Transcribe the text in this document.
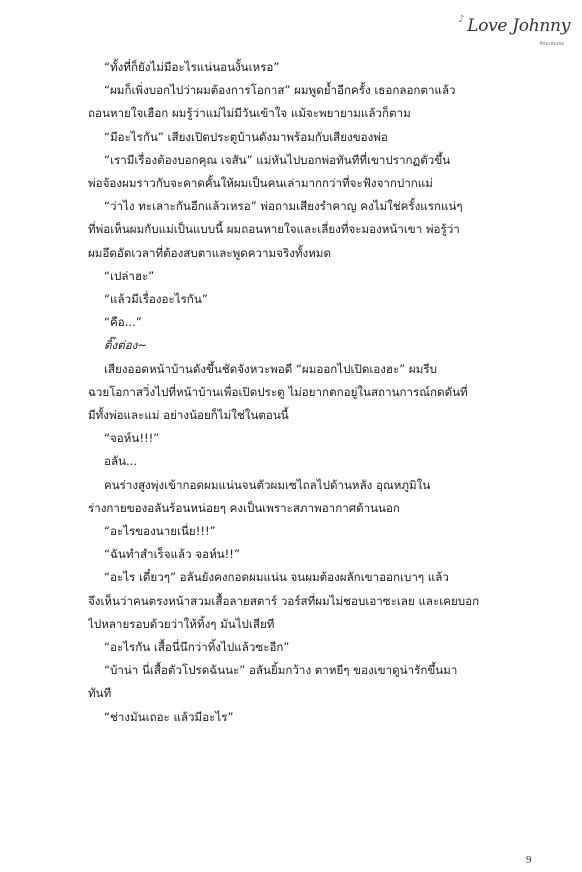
♪ Love Johnny
พี่น้องพ้องพล

“ทั้งที่ก็ยังไม่มีอะไรแน่นอนงั้นเหรอ”

“ผมก็เพิ่งบอกไปว่าผมต้องการโอกาส” ผมพูดย้ำอีกครั้ง เธอกลอกตาแล้ว
ถอนหายใจเฮือก ผมรู้ว่าแม่ไม่มีวันเข้าใจ แม้จะพยายามแล้วก็ตาม

“มีอะไรกัน” เสียงเปิดประตูบ้านดังมาพร้อมกับเสียงของพ่อ

“เรามีเรื่องต้องบอกคุณ เจสัน” แม่หันไปบอกพ่อทันทีที่เขาปรากฏตัวขึ้น
พ่อจ้องผมราวกับจะคาดคั้นให้ผมเป็นคนเล่ามากกว่าที่จะฟังจากปากแม่

“ว่าไง ทะเลาะกันอีกแล้วเหรอ” พ่อถามเสียงรำคาญ คงไม่ใช่ครั้งแรกแน่ๆ
ที่พ่อเห็นผมกับแม่เป็นแบบนี้ ผมถอนหายใจและเลี่ยงที่จะมองหน้าเขา พ่อรู้ว่า
ผมอึดอัดเวลาที่ต้องสบตาและพูดความจริงทั้งหมด

“เปล่าฮะ”

“แล้วมีเรื่องอะไรกัน”

“คือ...”

ติ๊งต่อง~

เสียงออดหน้าบ้านดังขึ้นชัดจังหวะพอดี “ผมออกไปเปิดเองฮะ” ผมรีบ
ฉวยโอกาสวิ่งไปที่หน้าบ้านเพื่อเปิดประตู ไม่อยากตกอยู่ในสถานการณ์กดดันที่
มีทั้งพ่อและแม่ อย่างน้อยก็ไม่ใช่ในตอนนี้

“จอห์น!!!”

อลัน...

คนร่างสูงพุ่งเข้ากอดผมแน่นจนตัวผมเซไถลไปด้านหลัง อุณหภูมิใน
ร่างกายของอลันร้อนหน่อยๆ คงเป็นเพราะสภาพอากาศด้านนอก

“อะไรของนายเนี่ย!!!”

“ฉันทำสำเร็จแล้ว จอห์น!!”

“อะไร เดี๋ยวๆ” อลันยังคงกอดผมแน่น จนผมต้องผลักเขาออกเบาๆ แล้ว
จึงเห็นว่าคนตรงหน้าสวมเสื้อลายสตาร์ วอร์สที่ผมไม่ชอบเอาซะเลย และเคยบอก
ไปหลายรอบด้วยว่าให้ทิ้งๆ มันไปเสียที

“อะไรกัน เสื้อนี่นึกว่าทิ้งไปแล้วซะอีก”

“บ้าน่า นี่เสื้อตัวโปรดฉันนะ” อลันยิ้มกว้าง ตาหยีๆ ของเขาดูน่ารักขึ้นมา
ทันที

“ช่างมันเถอะ แล้วมีอะไร”

9
